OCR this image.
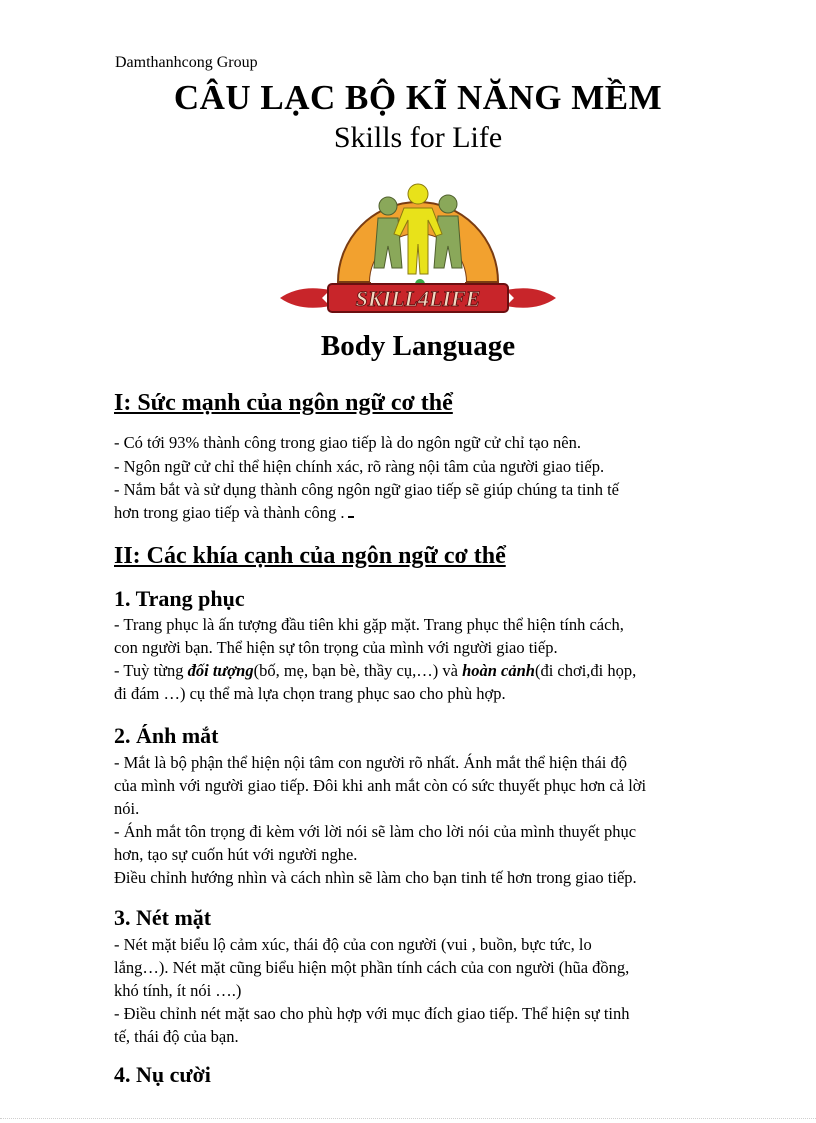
Damthanhcong Group
CÂU LẠC BỘ KĨ NĂNG MỀM
Skills for Life
SKILL4LIFE
Body Language
I: Sức mạnh của ngôn ngữ cơ thể
- Có tới 93% thành công trong giao tiếp là do ngôn ngữ cử chỉ tạo nên.
- Ngôn ngữ cử chỉ thể hiện chính xác, rõ ràng nội tâm của người giao tiếp.
- Nắm bắt và sử dụng thành công ngôn ngữ giao tiếp sẽ giúp chúng ta tinh tế
hơn trong giao tiếp và thành công .
II: Các khía cạnh của ngôn ngữ cơ thể
1. Trang phục
- Trang phục là ấn tượng đầu tiên khi gặp mặt. Trang phục thể hiện tính cách,
con người bạn. Thể hiện sự tôn trọng của mình với người giao tiếp.
- Tuỳ từng đối tượng(bố, mẹ, bạn bè, thầy cụ,…) và hoàn cảnh(đi chơi,đi họp,
đi đám …) cụ thể mà lựa chọn trang phục sao cho phù hợp.
2. Ánh mắt
- Mắt là bộ phận thể hiện nội tâm con người rõ nhất. Ánh mắt thể hiện thái độ
của mình với người giao tiếp. Đôi khi anh mắt còn có sức thuyết phục hơn cả lời
nói.
- Ánh mắt tôn trọng đi kèm với lời nói sẽ làm cho lời nói của mình thuyết phục
hơn, tạo sự cuốn hút với người nghe.
Điều chỉnh hướng nhìn và cách nhìn sẽ làm cho bạn tinh tế hơn trong giao tiếp.
3. Nét mặt
- Nét mặt biểu lộ cảm xúc, thái độ của con người (vui , buồn, bực tức, lo
lắng…). Nét mặt cũng biểu hiện một phần tính cách của con người (hũa đồng,
khó tính, ít nói ….)
- Điều chỉnh nét mặt sao cho phù hợp với mục đích giao tiếp. Thể hiện sự tinh
tế, thái độ của bạn.
4. Nụ cười
